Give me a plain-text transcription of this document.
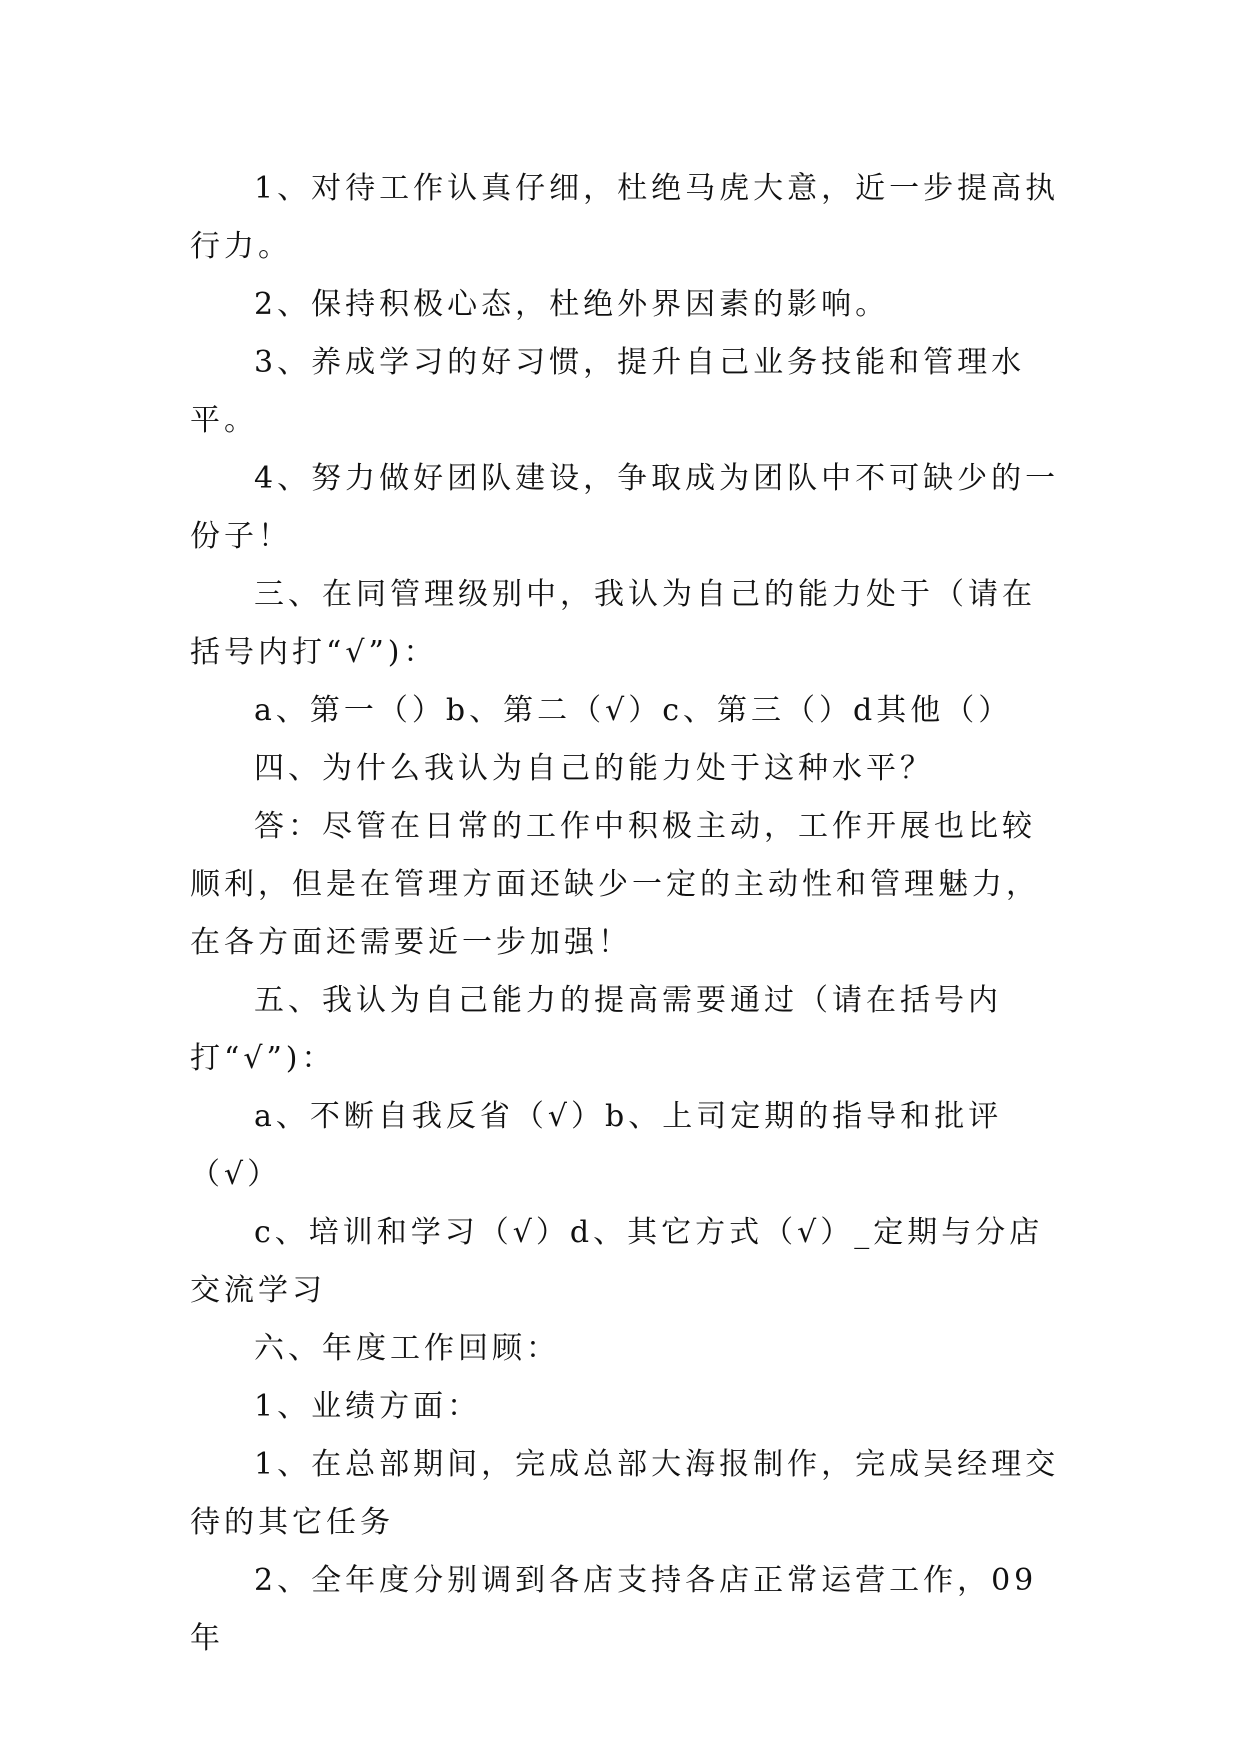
1、对待工作认真仔细，杜绝马虎大意，近一步提高执行力。

2、保持积极心态，杜绝外界因素的影响。

3、养成学习的好习惯，提升自己业务技能和管理水平。

4、努力做好团队建设，争取成为团队中不可缺少的一份子！

三、在同管理级别中，我认为自己的能力处于（请在括号内打“√”)：

a、第一（）b、第二（√）c、第三（）d其他（）

四、为什么我认为自己的能力处于这种水平？

答：尽管在日常的工作中积极主动，工作开展也比较顺利，但是在管理方面还缺少一定的主动性和管理魅力，在各方面还需要近一步加强！

五、我认为自己能力的提高需要通过（请在括号内打“√”)：

a、不断自我反省（√）b、上司定期的指导和批评（√）

c、培训和学习（√）d、其它方式（√）_定期与分店交流学习

六、年度工作回顾：

1、业绩方面：

1、在总部期间，完成总部大海报制作，完成吴经理交待的其它任务

2、全年度分别调到各店支持各店正常运营工作，09年
